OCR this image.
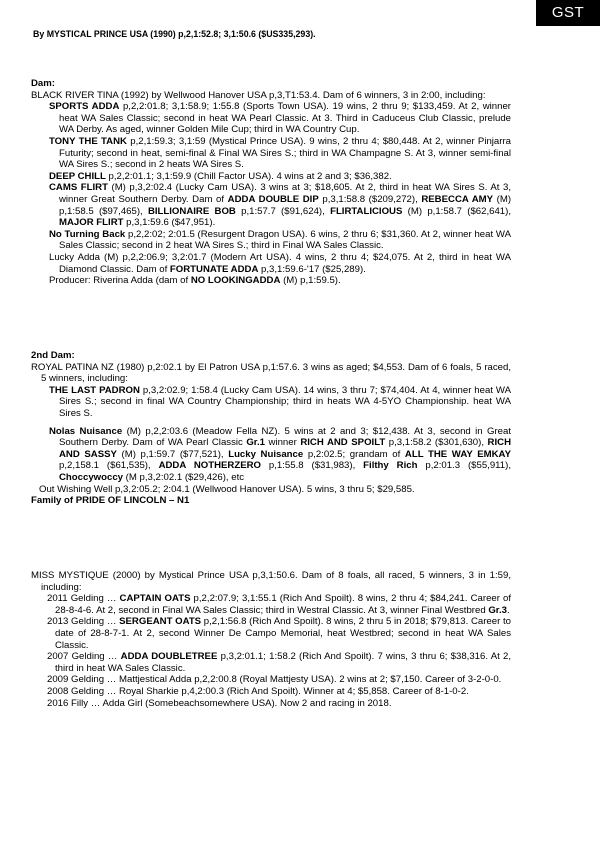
GST
By MYSTICAL PRINCE USA (1990) p,2,1:52.8; 3,1:50.6 ($US335,293).
Dam:
BLACK RIVER TINA (1992) by Wellwood Hanover USA p,3,T1:53.4. Dam of 6 winners, 3 in 2:00, including:
SPORTS ADDA p,2,2:01.8; 3,1:58.9; 1:55.8 (Sports Town USA). 19 wins, 2 thru 9; $133,459. At 2, winner heat WA Sales Classic; second in heat WA Pearl Classic. At 3. Third in Caduceus Club Classic, prelude WA Derby. As aged, winner Golden Mile Cup; third in WA Country Cup.
TONY THE TANK p,2,1:59.3; 3,1:59 (Mystical Prince USA). 9 wins, 2 thru 4; $80,448. At 2, winner Pinjarra Futurity; second in heat, semi-final & Final WA Sires S.; third in WA Champagne S. At 3, winner semi-final WA Sires S.; second in 2 heats WA Sires S.
DEEP CHILL p,2,2:01.1; 3,1:59.9 (Chill Factor USA). 4 wins at 2 and 3; $36,382.
CAMS FLIRT (M) p,3,2:02.4 (Lucky Cam USA). 3 wins at 3; $18,605. At 2, third in heat WA Sires S. At 3, winner Great Southern Derby. Dam of ADDA DOUBLE DIP p,3,1:58.8 ($209,272), REBECCA AMY (M) p,1:58.5 ($97,465), BILLIONAIRE BOB p,1:57.7 ($91,624), FLIRTALICIOUS (M) p,1:58.7 ($62,641), MAJOR FLIRT p,3,1:59.6 ($47,951).
No Turning Back p,2,2:02; 2:01.5 (Resurgent Dragon USA). 6 wins, 2 thru 6; $31,360. At 2, winner heat WA Sales Classic; second in 2 heat WA Sires S.; third in Final WA Sales Classic.
Lucky Adda (M) p,2,2:06.9; 3,2:01.7 (Modern Art USA). 4 wins, 2 thru 4; $24,075. At 2, third in heat WA Diamond Classic. Dam of FORTUNATE ADDA p,3,1:59.6-'17 ($25,289).
Producer: Riverina Adda (dam of NO LOOKINGADDA (M) p,1:59.5).
2nd Dam:
ROYAL PATINA NZ (1980) p,2:02.1 by El Patron USA p,1:57.6. 3 wins as aged; $4,553. Dam of 6 foals, 5 raced, 5 winners, including:
THE LAST PADRON p,3,2:02.9; 1:58.4 (Lucky Cam USA). 14 wins, 3 thru 7; $74,404. At 4, winner heat WA Sires S.; second in final WA Country Championship; third in heats WA 4-5YO Championship. heat WA Sires S.
Nolas Nuisance (M) p,2,2:03.6 (Meadow Fella NZ). 5 wins at 2 and 3; $12,438. At 3, second in Great Southern Derby. Dam of WA Pearl Classic Gr.1 winner RICH AND SPOILT p,3,1:58.2 ($301,630), RICH AND SASSY (M) p,1:59.7 ($77,521), Lucky Nuisance p,2:02.5; grandam of ALL THE WAY EMKAY p,2,158.1 ($61,535), ADDA NOTHERZERO p,1:55.8 ($31,983), Filthy Rich p,2:01.3 ($55,911), Choccywoccy (M p,3,2:02.1 ($29,426), etc
Out Wishing Well p,3,2:05.2; 2:04.1 (Wellwood Hanover USA). 5 wins, 3 thru 5; $29,585.
Family of PRIDE OF LINCOLN – N1
MISS MYSTIQUE (2000) by Mystical Prince USA p,3,1:50.6. Dam of 8 foals, all raced, 5 winners, 3 in 1:59, including:
2011 Gelding … CAPTAIN OATS p,2,2:07.9; 3,1:55.1 (Rich And Spoilt). 8 wins, 2 thru 4; $84,241. Career of 28-8-4-6. At 2, second in Final WA Sales Classic; third in Westral Classic. At 3, winner Final Westbred Gr.3.
2013 Gelding … SERGEANT OATS p,2,1:56.8 (Rich And Spoilt). 8 wins, 2 thru 5 in 2018; $79,813. Career to date of 28-8-7-1. At 2, second Winner De Campo Memorial, heat Westbred; second in heat WA Sales Classic.
2007 Gelding … ADDA DOUBLETREE p,3,2:01.1; 1:58.2 (Rich And Spoilt). 7 wins, 3 thru 6; $38,316. At 2, third in heat WA Sales Classic.
2009 Gelding … Mattjestical Adda p,2,2:00.8 (Royal Mattjesty USA). 2 wins at 2; $7,150. Career of 3-2-0-0.
2008 Gelding … Royal Sharkie p,4,2:00.3 (Rich And Spoilt). Winner at 4; $5,858. Career of 8-1-0-2.
2016 Filly … Adda Girl (Somebeachsomewhere USA). Now 2 and racing in 2018.
